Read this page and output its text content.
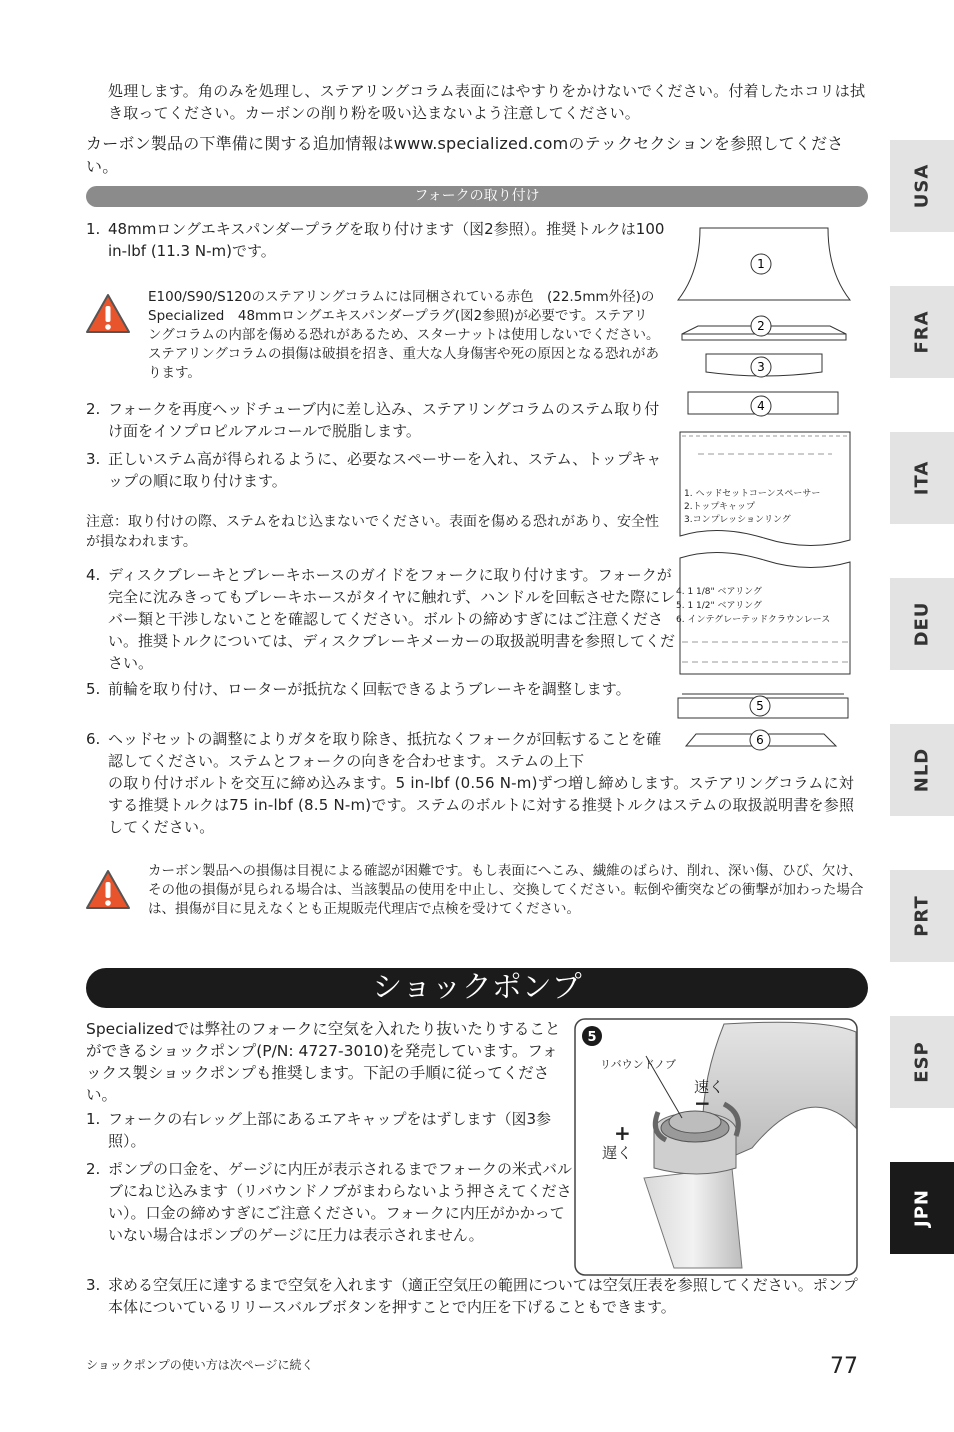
処理します。角のみを処理し、ステアリングコラム表面にはやすりをかけないでください。付着したホコリは拭き取ってください。カーボンの削り粉を吸い込まないよう注意してください。
カーボン製品の下準備に関する追加情報はwww.specialized.comのテックセクションを参照してください。
フォークの取り付け
1. 48mmロングエキスパンダープラグを取り付けます（図2参照）。推奨トルクは100 in-lbf (11.3 N-m)です。
E100/S90/S120のステアリングコラムには同梱されている赤色　(22.5mm外径)のSpecialized　48mmロングエキスパンダープラグ(図2参照)が必要です。ステアリングコラムの内部を傷める恐れがあるため、スターナットは使用しないでください。ステアリングコラムの損傷は破損を招き、重大な人身傷害や死の原因となる恐れがあります。
2. フォークを再度ヘッドチューブ内に差し込み、ステアリングコラムのステム取り付け面をイソプロピルアルコールで脱脂します。
3. 正しいステム高が得られるように、必要なスペーサーを入れ、ステム、トップキャップの順に取り付けます。
注意：取り付けの際、ステムをねじ込まないでください。表面を傷める恐れがあり、安全性が損なわれます。
4. ディスクブレーキとブレーキホースのガイドをフォークに取り付けます。フォークが完全に沈みきってもブレーキホースがタイヤに触れず、ハンドルを回転させた際にレバー類と干渉しないことを確認してください。ボルトの締めすぎにはご注意ください。推奨トルクについては、ディスクブレーキメーカーの取扱説明書を参照してください。
5. 前輪を取り付け、ローターが抵抗なく回転できるようブレーキを調整します。
6. ヘッドセットの調整によりガタを取り除き、抵抗なくフォークが回転することを確認してください。ステムとフォークの向きを合わせます。ステムの上下
の取り付けボルトを交互に締め込みます。5 in-lbf (0.56 N-m)ずつ増し締めします。ステアリングコラムに対する推奨トルクは75 in-lbf (8.5 N-m)です。ステムのボルトに対する推奨トルクはステムの取扱説明書を参照してください。
1
2
3
4
5
6
1. ヘッドセットコーンスペーサー
2.トップキャップ
3.コンプレッションリング
4. 1 1/8" ベアリング
5. 1 1/2" ベアリング
6. インテグレーテッドクラウンレース
カーボン製品への損傷は目視による確認が困難です。もし表面にへこみ、繊維のばらけ、削れ、深い傷、ひび、欠け、その他の損傷が見られる場合は、当該製品の使用を中止し、交換してください。転倒や衝突などの衝撃が加わった場合は、損傷が目に見えなくとも正規販売代理店で点検を受けてください。
ショックポンプ
Specializedでは弊社のフォークに空気を入れたり抜いたりすることができるショックポンプ(P/N: 4727-3010)を発売しています。フォックス製ショックポンプも推奨します。下記の手順に従ってください。
1. フォークの右レッグ上部にあるエアキャップをはずします（図3参照）。
2. ポンプの口金を、ゲージに内圧が表示されるまでフォークの米式バルブにねじ込みます（リバウンドノブがまわらないよう押さえてください）。口金の締めすぎにご注意ください。フォークに内圧がかかっていない場合はポンプのゲージに圧力は表示されません。
3. 求める空気圧に達するまで空気を入れます（適正空気圧の範囲については空気圧表を参照してください。ポンプ本体についているリリースバルブボタンを押すことで内圧を下げることもできます。
5
リバウンドノブ
速く
−
+
遅く
USA
FRA
ITA
DEU
NLD
PRT
ESP
JPN
ショックポンプの使い方は次ページに続く	77
